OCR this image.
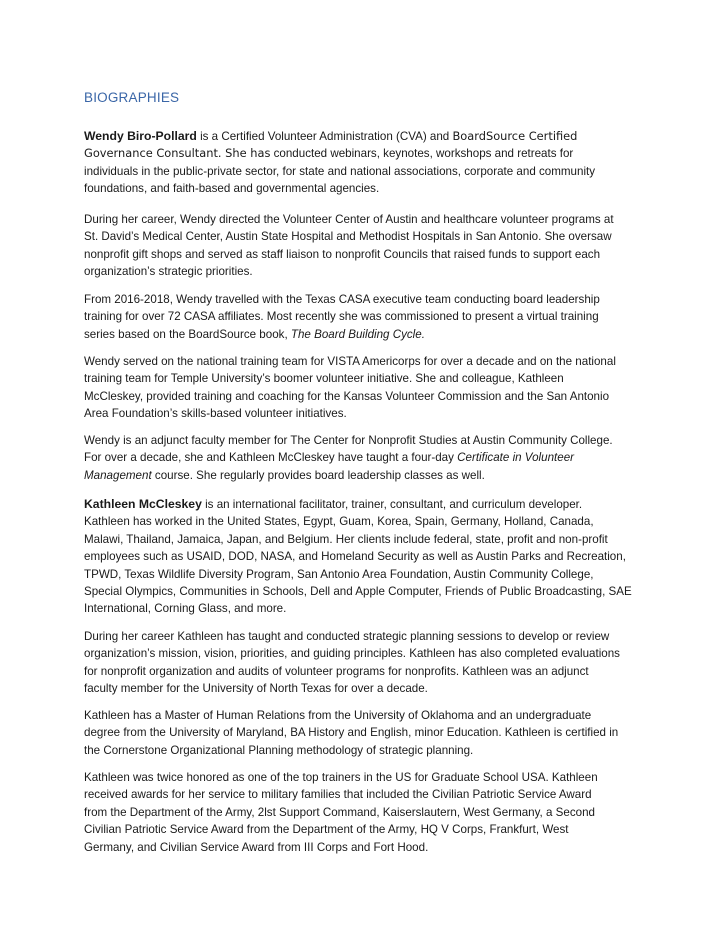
BIOGRAPHIES
Wendy Biro-Pollard is a Certified Volunteer Administration (CVA) and BoardSource Certified
Governance Consultant. She has conducted webinars, keynotes, workshops and retreats for
individuals in the public-private sector, for state and national associations, corporate and community
foundations, and faith-based and governmental agencies.
During her career, Wendy directed the Volunteer Center of Austin and healthcare volunteer programs at
St. David’s Medical Center, Austin State Hospital and Methodist Hospitals in San Antonio. She oversaw
nonprofit gift shops and served as staff liaison to nonprofit Councils that raised funds to support each
organization’s strategic priorities.
From 2016-2018, Wendy travelled with the Texas CASA executive team conducting board leadership
training for over 72 CASA affiliates. Most recently she was commissioned to present a virtual training
series based on the BoardSource book, The Board Building Cycle.
Wendy served on the national training team for VISTA Americorps for over a decade and on the national
training team for Temple University’s boomer volunteer initiative. She and colleague, Kathleen
McCleskey, provided training and coaching for the Kansas Volunteer Commission and the San Antonio
Area Foundation’s skills-based volunteer initiatives.
Wendy is an adjunct faculty member for The Center for Nonprofit Studies at Austin Community College.
For over a decade, she and Kathleen McCleskey have taught a four-day Certificate in Volunteer
Management course. She regularly provides board leadership classes as well.
Kathleen McCleskey is an international facilitator, trainer, consultant, and curriculum developer.
Kathleen has worked in the United States, Egypt, Guam, Korea, Spain, Germany, Holland, Canada,
Malawi, Thailand, Jamaica, Japan, and Belgium. Her clients include federal, state, profit and non-profit
employees such as USAID, DOD, NASA, and Homeland Security as well as Austin Parks and Recreation,
TPWD, Texas Wildlife Diversity Program, San Antonio Area Foundation, Austin Community College,
Special Olympics, Communities in Schools, Dell and Apple Computer, Friends of Public Broadcasting, SAE
International, Corning Glass, and more.
During her career Kathleen has taught and conducted strategic planning sessions to develop or review
organization’s mission, vision, priorities, and guiding principles. Kathleen has also completed evaluations
for nonprofit organization and audits of volunteer programs for nonprofits. Kathleen was an adjunct
faculty member for the University of North Texas for over a decade.
Kathleen has a Master of Human Relations from the University of Oklahoma and an undergraduate
degree from the University of Maryland, BA History and English, minor Education. Kathleen is certified in
the Cornerstone Organizational Planning methodology of strategic planning.
Kathleen was twice honored as one of the top trainers in the US for Graduate School USA. Kathleen
received awards for her service to military families that included the Civilian Patriotic Service Award
from the Department of the Army, 2lst Support Command, Kaiserslautern, West Germany, a Second
Civilian Patriotic Service Award from the Department of the Army, HQ V Corps, Frankfurt, West
Germany, and Civilian Service Award from III Corps and Fort Hood.
